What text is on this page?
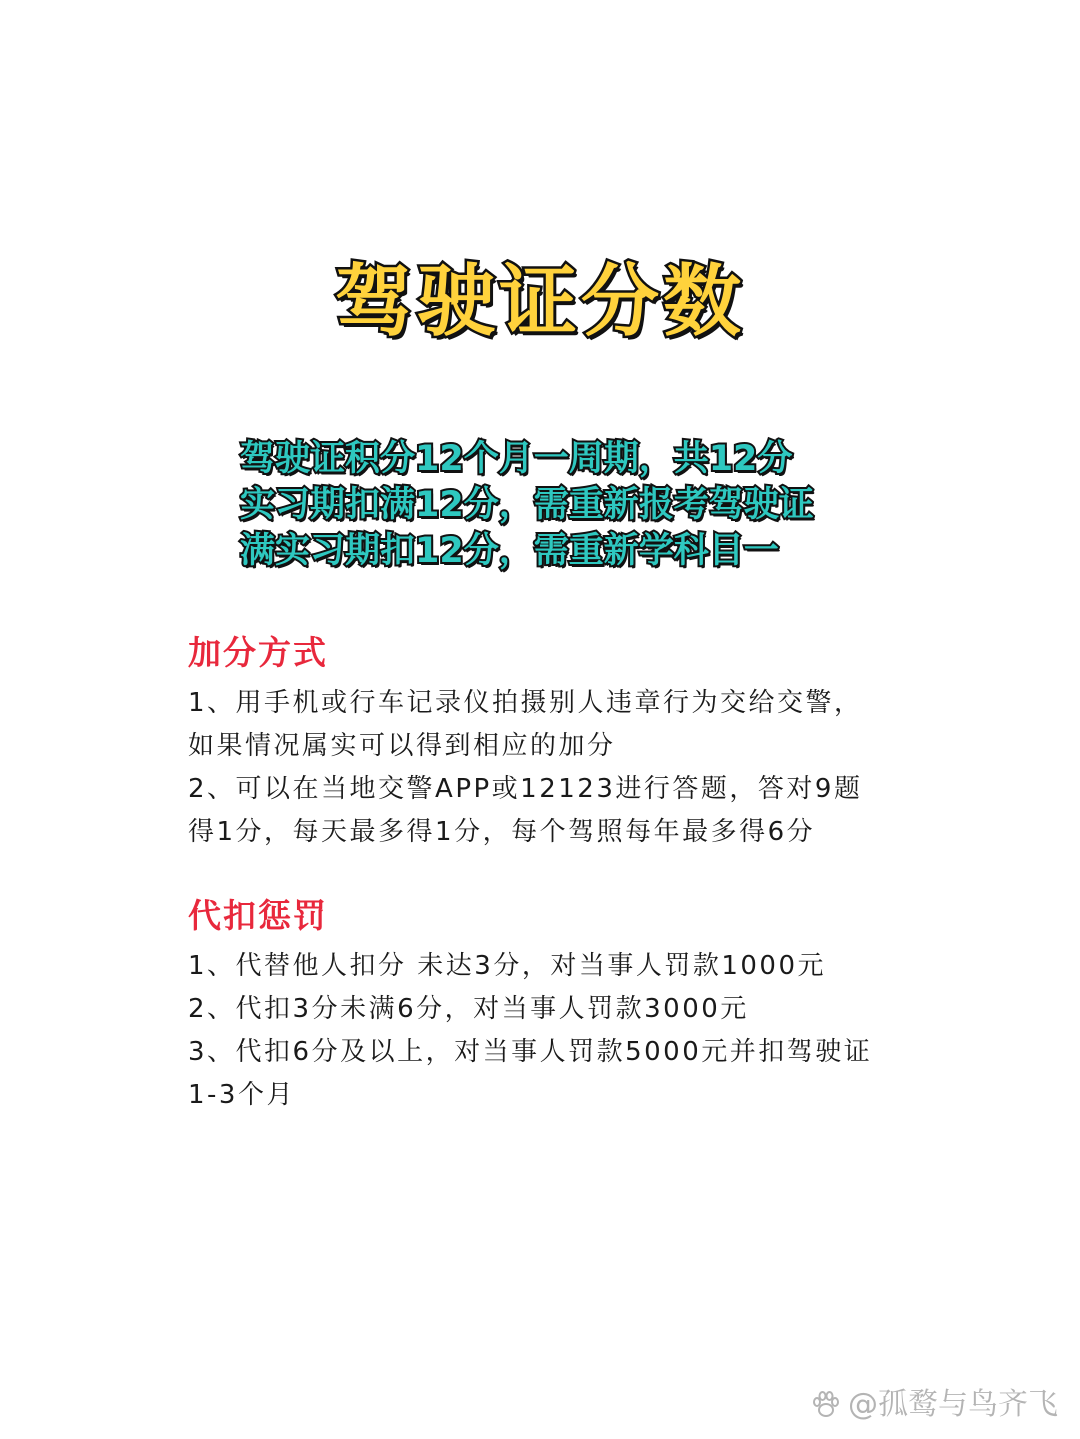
驾驶证分数
驾驶证积分12个月一周期，共12分
实习期扣满12分，需重新报考驾驶证
满实习期扣12分，需重新学科目一
加分方式
1、用手机或行车记录仪拍摄别人违章行为交给交警，
如果情况属实可以得到相应的加分
2、可以在当地交警APP或12123进行答题，答对9题
得1分，每天最多得1分，每个驾照每年最多得6分
代扣惩罚
1、代替他人扣分 未达3分，对当事人罚款1000元
2、代扣3分未满6分，对当事人罚款3000元
3、代扣6分及以上，对当事人罚款5000元并扣驾驶证
1-3个月
@孤鹜与鸟齐飞
